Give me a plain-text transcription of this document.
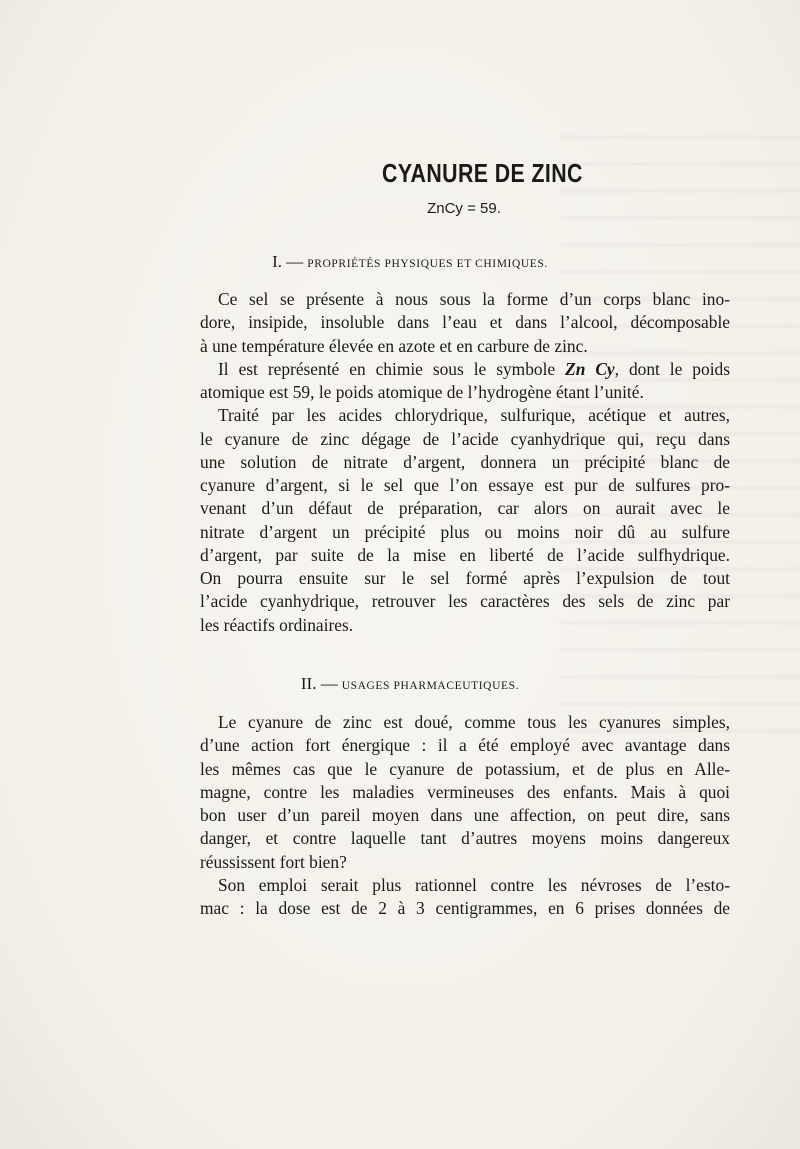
CYANURE DE ZINC
ZnCy = 59.
I. — PROPRIÉTÉS PHYSIQUES ET CHIMIQUES.
Ce sel se présente à nous sous la forme d’un corps blanc ino-
dore, insipide, insoluble dans l’eau et dans l’alcool, décomposable
à une température élevée en azote et en carbure de zinc.
Il est représenté en chimie sous le symbole Zn Cy, dont le poids
atomique est 59, le poids atomique de l’hydrogène étant l’unité.
Traité par les acides chlorydrique, sulfurique, acétique et autres,
le cyanure de zinc dégage de l’acide cyanhydrique qui, reçu dans
une solution de nitrate d’argent, donnera un précipité blanc de
cyanure d’argent, si le sel que l’on essaye est pur de sulfures pro-
venant d’un défaut de préparation, car alors on aurait avec le
nitrate d’argent un précipité plus ou moins noir dû au sulfure
d’argent, par suite de la mise en liberté de l’acide sulfhydrique.
On pourra ensuite sur le sel formé après l’expulsion de tout
l’acide cyanhydrique, retrouver les caractères des sels de zinc par
les réactifs ordinaires.
II. — USAGES PHARMACEUTIQUES.
Le cyanure de zinc est doué, comme tous les cyanures simples,
d’une action fort énergique : il a été employé avec avantage dans
les mêmes cas que le cyanure de potassium, et de plus en Alle-
magne, contre les maladies vermineuses des enfants. Mais à quoi
bon user d’un pareil moyen dans une affection, on peut dire, sans
danger, et contre laquelle tant d’autres moyens moins dangereux
réussissent fort bien?
Son emploi serait plus rationnel contre les névroses de l’esto-
mac : la dose est de 2 à 3 centigrammes, en 6 prises données de
